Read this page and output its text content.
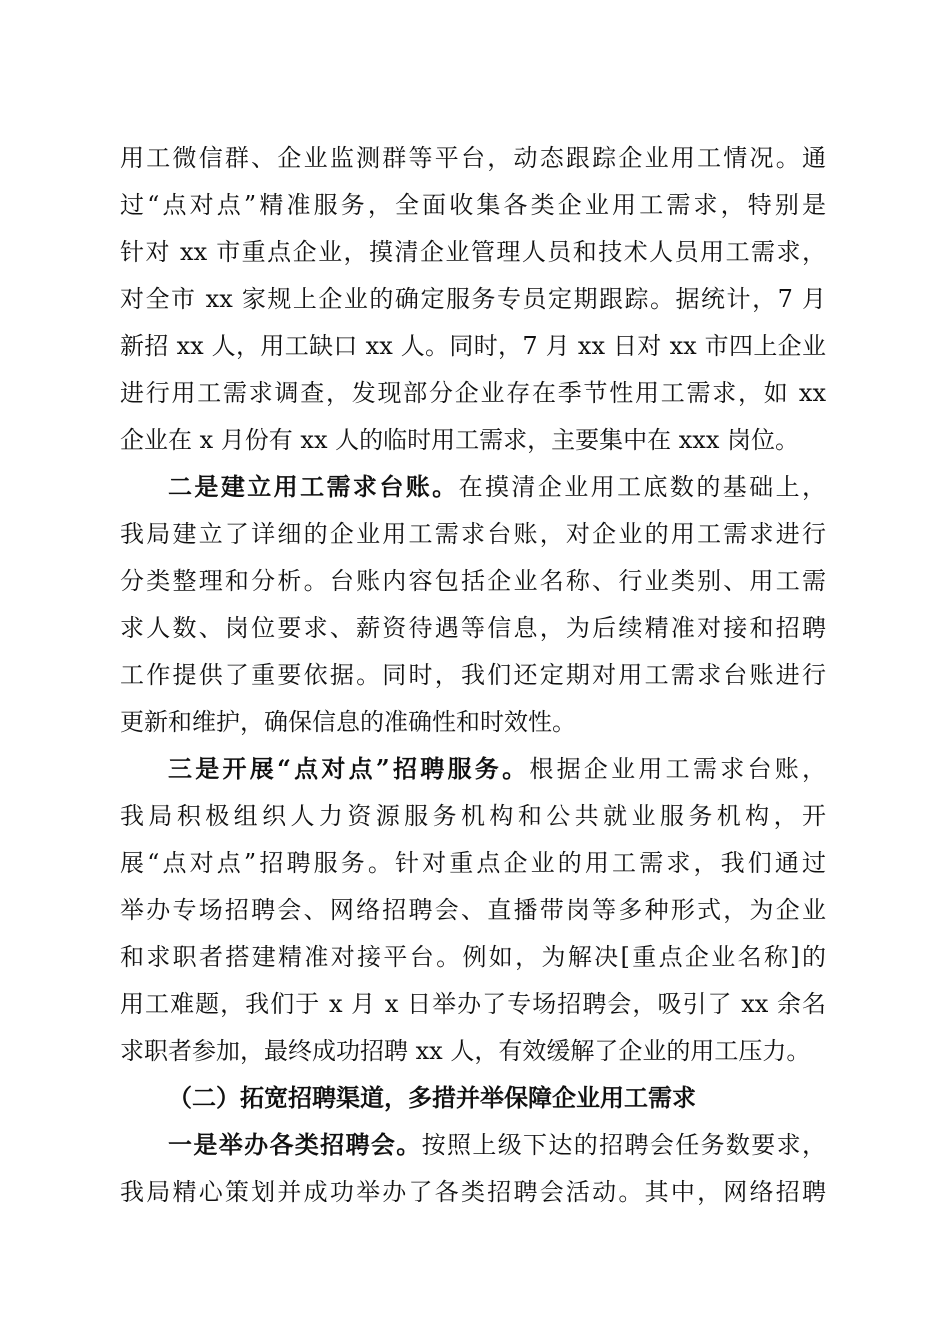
用工微信群、企业监测群等平台，动态跟踪企业用工情况。通
过“点对点”精准服务，全面收集各类企业用工需求，特别是
针对 xx 市重点企业，摸清企业管理人员和技术人员用工需求，
对全市 xx 家规上企业的确定服务专员定期跟踪。据统计，7 月
新招 xx 人，用工缺口 xx 人。同时，7 月 xx 日对 xx 市四上企业
进行用工需求调查，发现部分企业存在季节性用工需求，如 xx
企业在 x 月份有 xx 人的临时用工需求，主要集中在 xxx 岗位。
二是建立用工需求台账。在摸清企业用工底数的基础上，
我局建立了详细的企业用工需求台账，对企业的用工需求进行
分类整理和分析。台账内容包括企业名称、行业类别、用工需
求人数、岗位要求、薪资待遇等信息，为后续精准对接和招聘
工作提供了重要依据。同时，我们还定期对用工需求台账进行
更新和维护，确保信息的准确性和时效性。
三是开展“点对点”招聘服务。根据企业用工需求台账，
我局积极组织人力资源服务机构和公共就业服务机构，开
展“点对点”招聘服务。针对重点企业的用工需求，我们通过
举办专场招聘会、网络招聘会、直播带岗等多种形式，为企业
和求职者搭建精准对接平台。例如，为解决[重点企业名称]的
用工难题，我们于 x 月 x 日举办了专场招聘会，吸引了 xx 余名
求职者参加，最终成功招聘 xx 人，有效缓解了企业的用工压力。
（二）拓宽招聘渠道，多措并举保障企业用工需求
一是举办各类招聘会。按照上级下达的招聘会任务数要求，
我局精心策划并成功举办了各类招聘会活动。其中，网络招聘
